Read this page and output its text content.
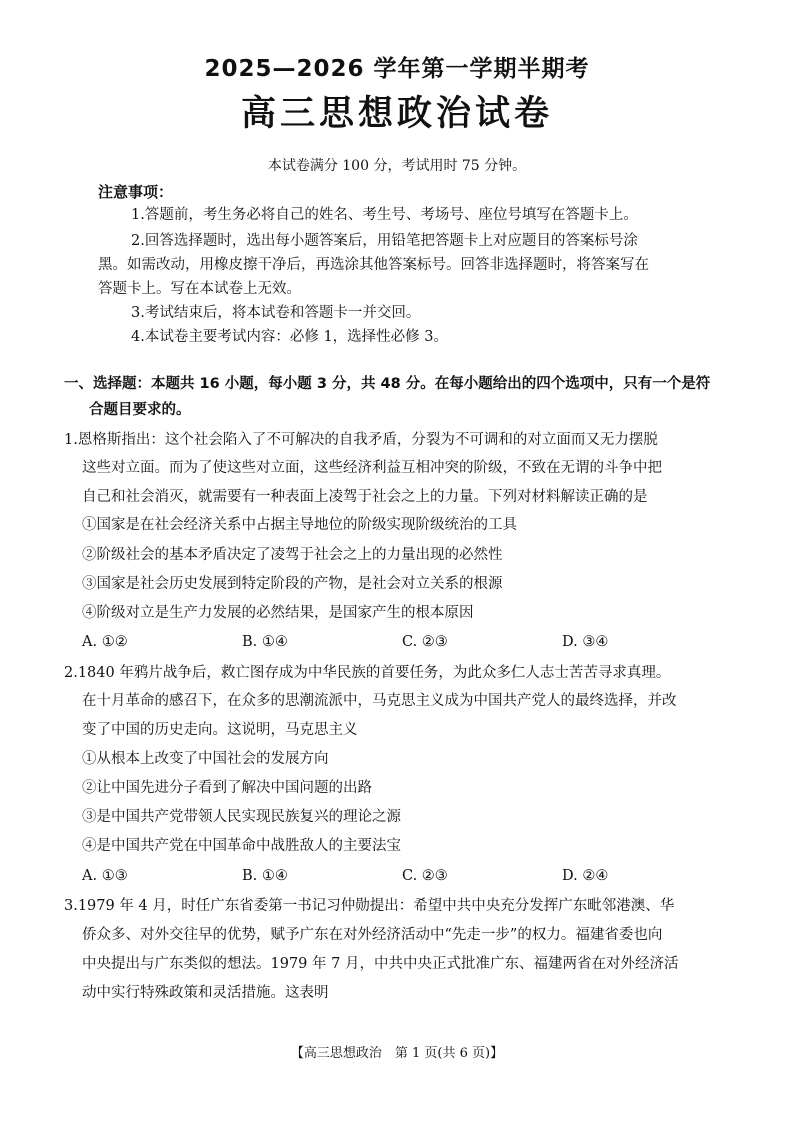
2025—2026 学年第一学期半期考
高三思想政治试卷
本试卷满分 100 分，考试用时 75 分钟。
注意事项：
1.答题前，考生务必将自己的姓名、考生号、考场号、座位号填写在答题卡上。
2.回答选择题时，选出每小题答案后，用铅笔把答题卡上对应题目的答案标号涂
黑。如需改动，用橡皮擦干净后，再选涂其他答案标号。回答非选择题时，将答案写在
答题卡上。写在本试卷上无效。
3.考试结束后，将本试卷和答题卡一并交回。
4.本试卷主要考试内容：必修 1，选择性必修 3。
一、选择题：本题共 16 小题，每小题 3 分，共 48 分。在每小题给出的四个选项中，只有一个是符
合题目要求的。
1.恩格斯指出：这个社会陷入了不可解决的自我矛盾，分裂为不可调和的对立面而又无力摆脱
这些对立面。而为了使这些对立面，这些经济利益互相冲突的阶级，不致在无谓的斗争中把
自己和社会消灭，就需要有一种表面上凌驾于社会之上的力量。下列对材料解读正确的是
①国家是在社会经济关系中占据主导地位的阶级实现阶级统治的工具
②阶级社会的基本矛盾决定了凌驾于社会之上的力量出现的必然性
③国家是社会历史发展到特定阶段的产物，是社会对立关系的根源
④阶级对立是生产力发展的必然结果，是国家产生的根本原因
A. ①②	B. ①④	C. ②③	D. ③④
2.1840 年鸦片战争后，救亡图存成为中华民族的首要任务，为此众多仁人志士苦苦寻求真理。
在十月革命的感召下，在众多的思潮流派中，马克思主义成为中国共产党人的最终选择，并改
变了中国的历史走向。这说明，马克思主义
①从根本上改变了中国社会的发展方向
②让中国先进分子看到了解决中国问题的出路
③是中国共产党带领人民实现民族复兴的理论之源
④是中国共产党在中国革命中战胜敌人的主要法宝
A. ①③	B. ①④	C. ②③	D. ②④
3.1979 年 4 月，时任广东省委第一书记习仲勋提出：希望中共中央充分发挥广东毗邻港澳、华
侨众多、对外交往早的优势，赋予广东在对外经济活动中“先走一步”的权力。福建省委也向
中央提出与广东类似的想法。1979 年 7 月，中共中央正式批准广东、福建两省在对外经济活
动中实行特殊政策和灵活措施。这表明
【高三思想政治　第 1 页(共 6 页)】
